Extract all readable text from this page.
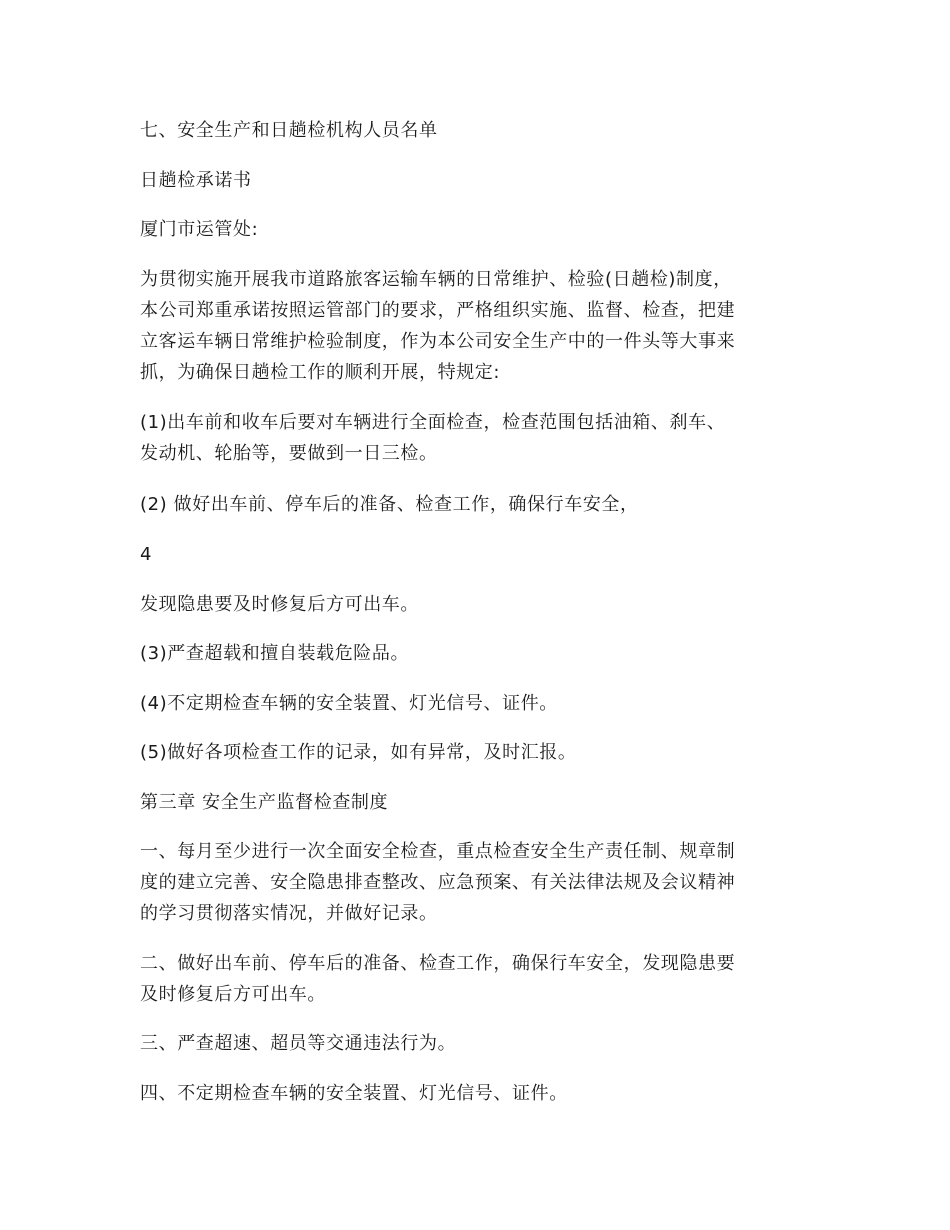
七、安全生产和日趟检机构人员名单

日趟检承诺书

厦门市运管处:

为贯彻实施开展我市道路旅客运输车辆的日常维护、检验(日趟检)制度，
本公司郑重承诺按照运管部门的要求，严格组织实施、监督、检查，把建
立客运车辆日常维护检验制度，作为本公司安全生产中的一件头等大事来
抓，为确保日趟检工作的顺利开展，特规定:

(1)出车前和收车后要对车辆进行全面检查，检查范围包括油箱、刹车、
发动机、轮胎等，要做到一日三检。

(2) 做好出车前、停车后的准备、检查工作，确保行车安全，

4

发现隐患要及时修复后方可出车。

(3)严查超载和擅自装载危险品。

(4)不定期检查车辆的安全装置、灯光信号、证件。

(5)做好各项检查工作的记录，如有异常，及时汇报。

第三章 安全生产监督检查制度

一、每月至少进行一次全面安全检查，重点检查安全生产责任制、规章制
度的建立完善、安全隐患排查整改、应急预案、有关法律法规及会议精神
的学习贯彻落实情况，并做好记录。

二、做好出车前、停车后的准备、检查工作，确保行车安全，发现隐患要
及时修复后方可出车。

三、严查超速、超员等交通违法行为。

四、不定期检查车辆的安全装置、灯光信号、证件。
